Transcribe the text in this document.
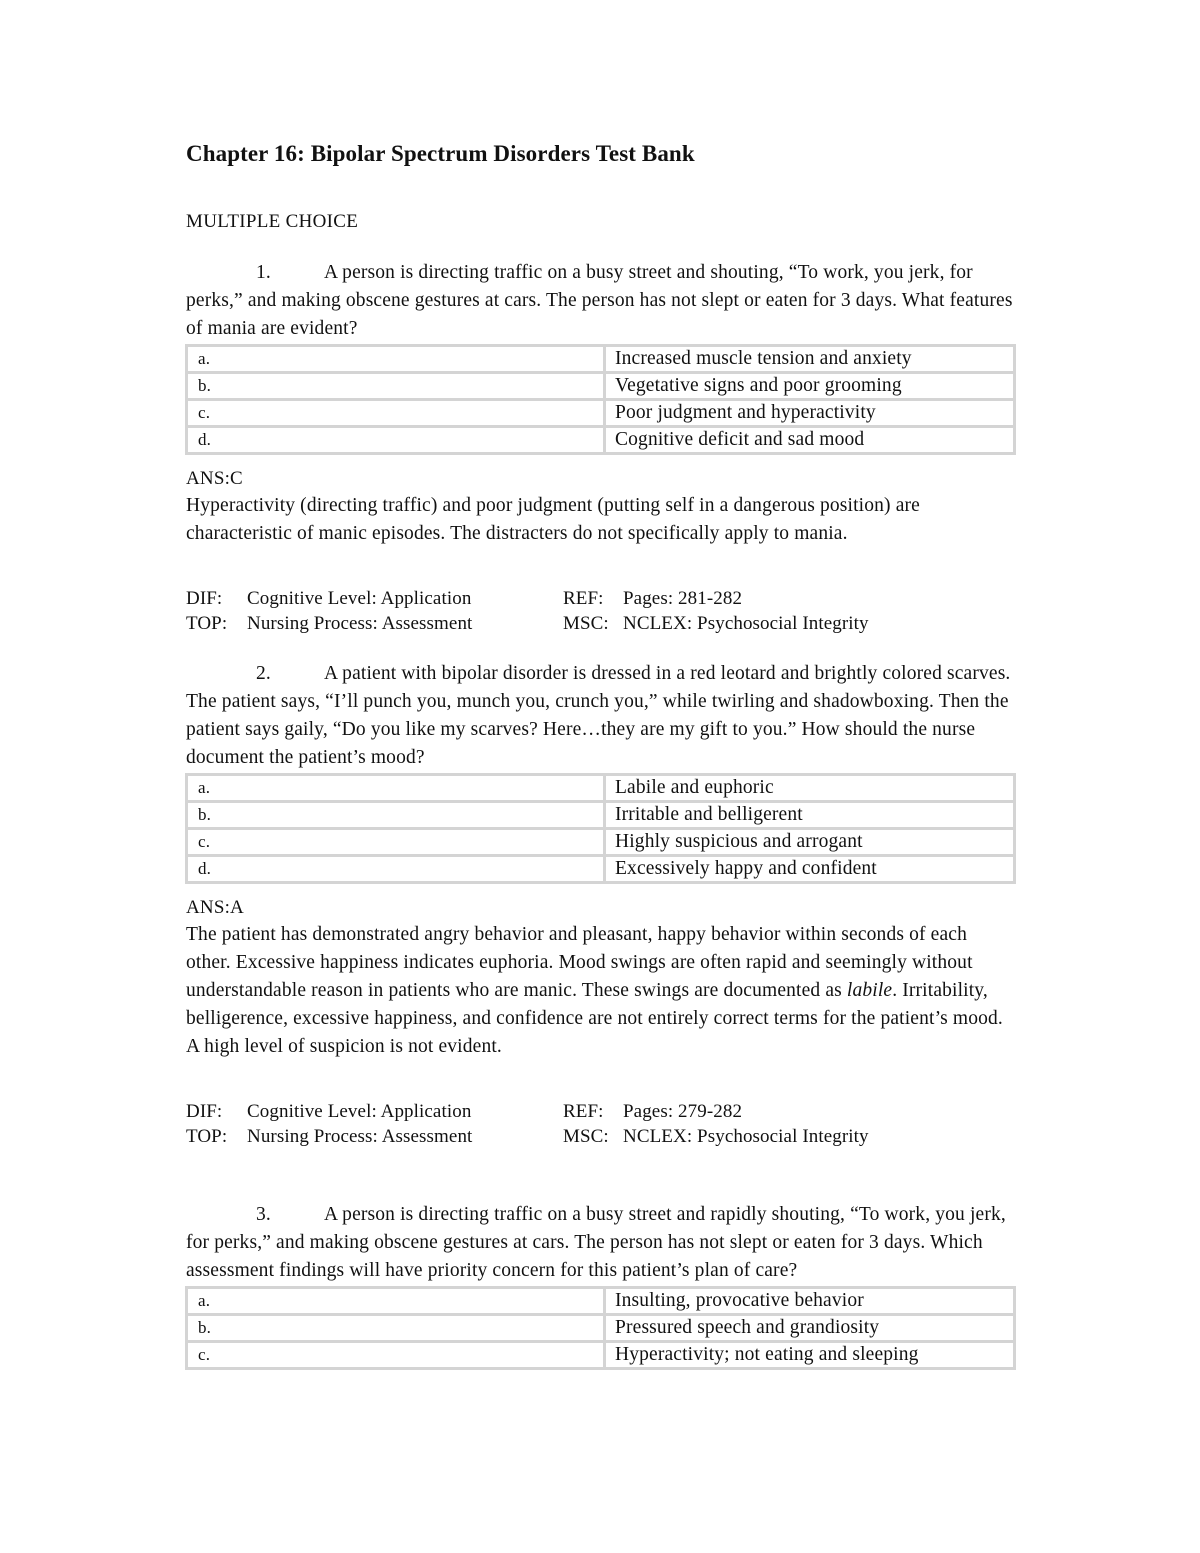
Chapter 16: Bipolar Spectrum Disorders Test Bank
MULTIPLE CHOICE

1.	A person is directing traffic on a busy street and shouting, “To work, you jerk, for perks,” and making obscene gestures at cars. The person has not slept or eaten for 3 days. What features of mania are evident?

a.	Increased muscle tension and anxiety
b.	Vegetative signs and poor grooming
c.	Poor judgment and hyperactivity
d.	Cognitive deficit and sad mood
ANS:C
Hyperactivity (directing traffic) and poor judgment (putting self in a dangerous position) are characteristic of manic episodes. The distracters do not specifically apply to mania.
DIF:	Cognitive Level: Application	REF:	Pages: 281-282
TOP:	Nursing Process: Assessment	MSC: NCLEX: Psychosocial Integrity

2.	A patient with bipolar disorder is dressed in a red leotard and brightly colored scarves. The patient says, “I’ll punch you, munch you, crunch you,” while twirling and shadowboxing. Then the patient says gaily, “Do you like my scarves? Here…they are my gift to you.” How should the nurse document the patient’s mood?

a.	Labile and euphoric
b.	Irritable and belligerent
c.	Highly suspicious and arrogant
d.	Excessively happy and confident
ANS:A
The patient has demonstrated angry behavior and pleasant, happy behavior within seconds of each other. Excessive happiness indicates euphoria. Mood swings are often rapid and seemingly without understandable reason in patients who are manic. These swings are documented as labile. Irritability, belligerence, excessive happiness, and confidence are not entirely correct terms for the patient’s mood. A high level of suspicion is not evident.
DIF:	Cognitive Level: Application	REF:	Pages: 279-282
TOP:	Nursing Process: Assessment	MSC: NCLEX: Psychosocial Integrity

3.	A person is directing traffic on a busy street and rapidly shouting, “To work, you jerk, for perks,” and making obscene gestures at cars. The person has not slept or eaten for 3 days. Which assessment findings will have priority concern for this patient’s plan of care?

a.	Insulting, provocative behavior
b.	Pressured speech and grandiosity
c.	Hyperactivity; not eating and sleeping
